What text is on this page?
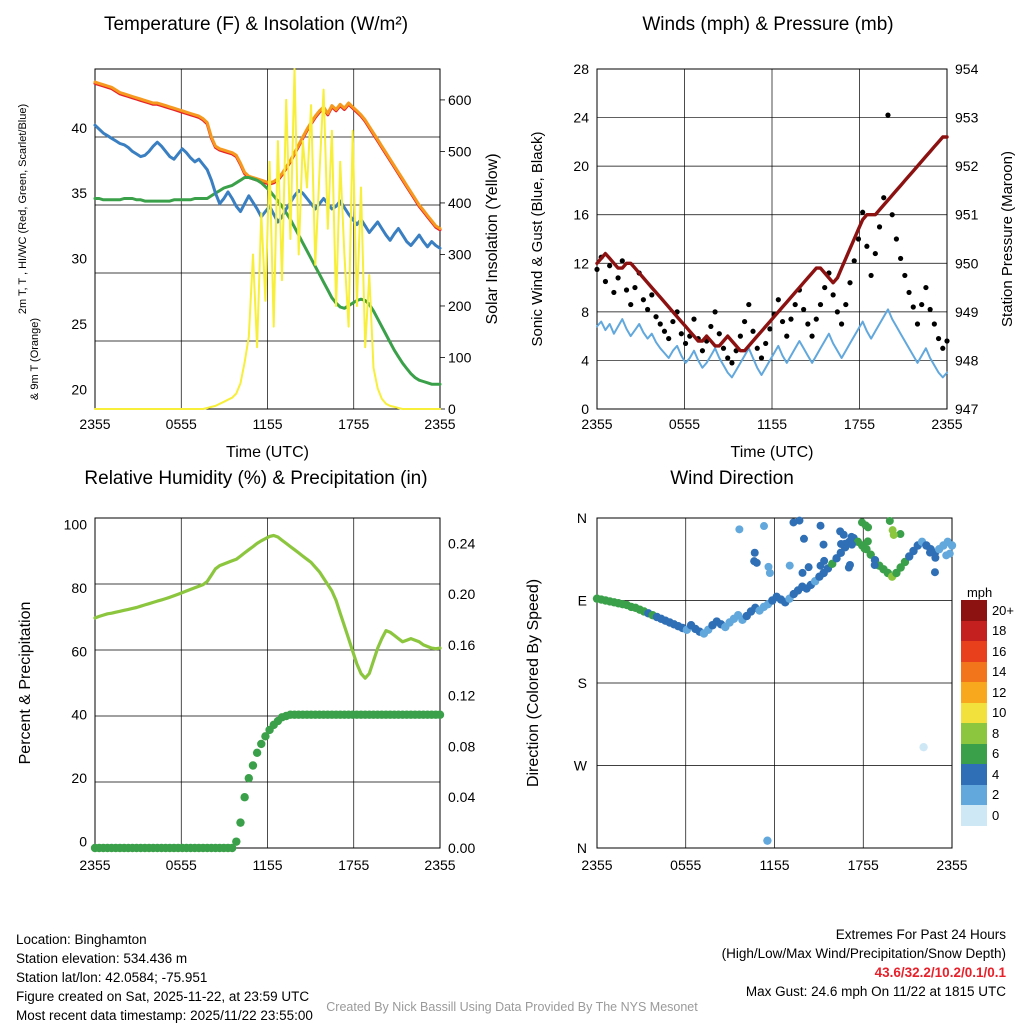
Temperature (F) & Insolation (W/m²)
20
25
30
35
40
0
100
200
300
400
500
600
2355	0555	1155	1755	2355
Time (UTC)
2m T, T , HI/WC (Red, Green, Scarlet/Blue)
& 9m T (Orange)
Solar Insolation (Yellow)
Winds (mph) & Pressure (mb)
0
4
8
12
16
20
24
28
947
948
949
950
951
952
953
954
2355	0555	1155	1755	2355
Time (UTC)
Sonic Wind & Gust (Blue, Black)	Station Pressure (Maroon)
Relative Humidity (%) & Precipitation (in)
0
20
40
60
80
100
0.00
0.04
0.08
0.12
0.16
0.20
0.24
2355	0555	1155	1755	2355
Percent & Precipitation
Wind Direction
N
W
S
E
N
2355	0555	1155	1755	2355
Direction (Colored By Speed)	mph
20+
18
16
14
12
10
8
6
4
2
0
Location: Binghamton
Station elevation: 534.436 m
Station lat/lon: 42.0584; -75.951
Figure created on Sat, 2025-11-22, at 23:59 UTC
Most recent data timestamp: 2025/11/22 23:55:00
Extremes For Past 24 Hours
(High/Low/Max Wind/Precipitation/Snow Depth)
43.6/32.2/10.2/0.1/0.1
Max Gust: 24.6 mph On 11/22 at 1815 UTC
Created By Nick Bassill Using Data Provided By The NYS Mesonet
